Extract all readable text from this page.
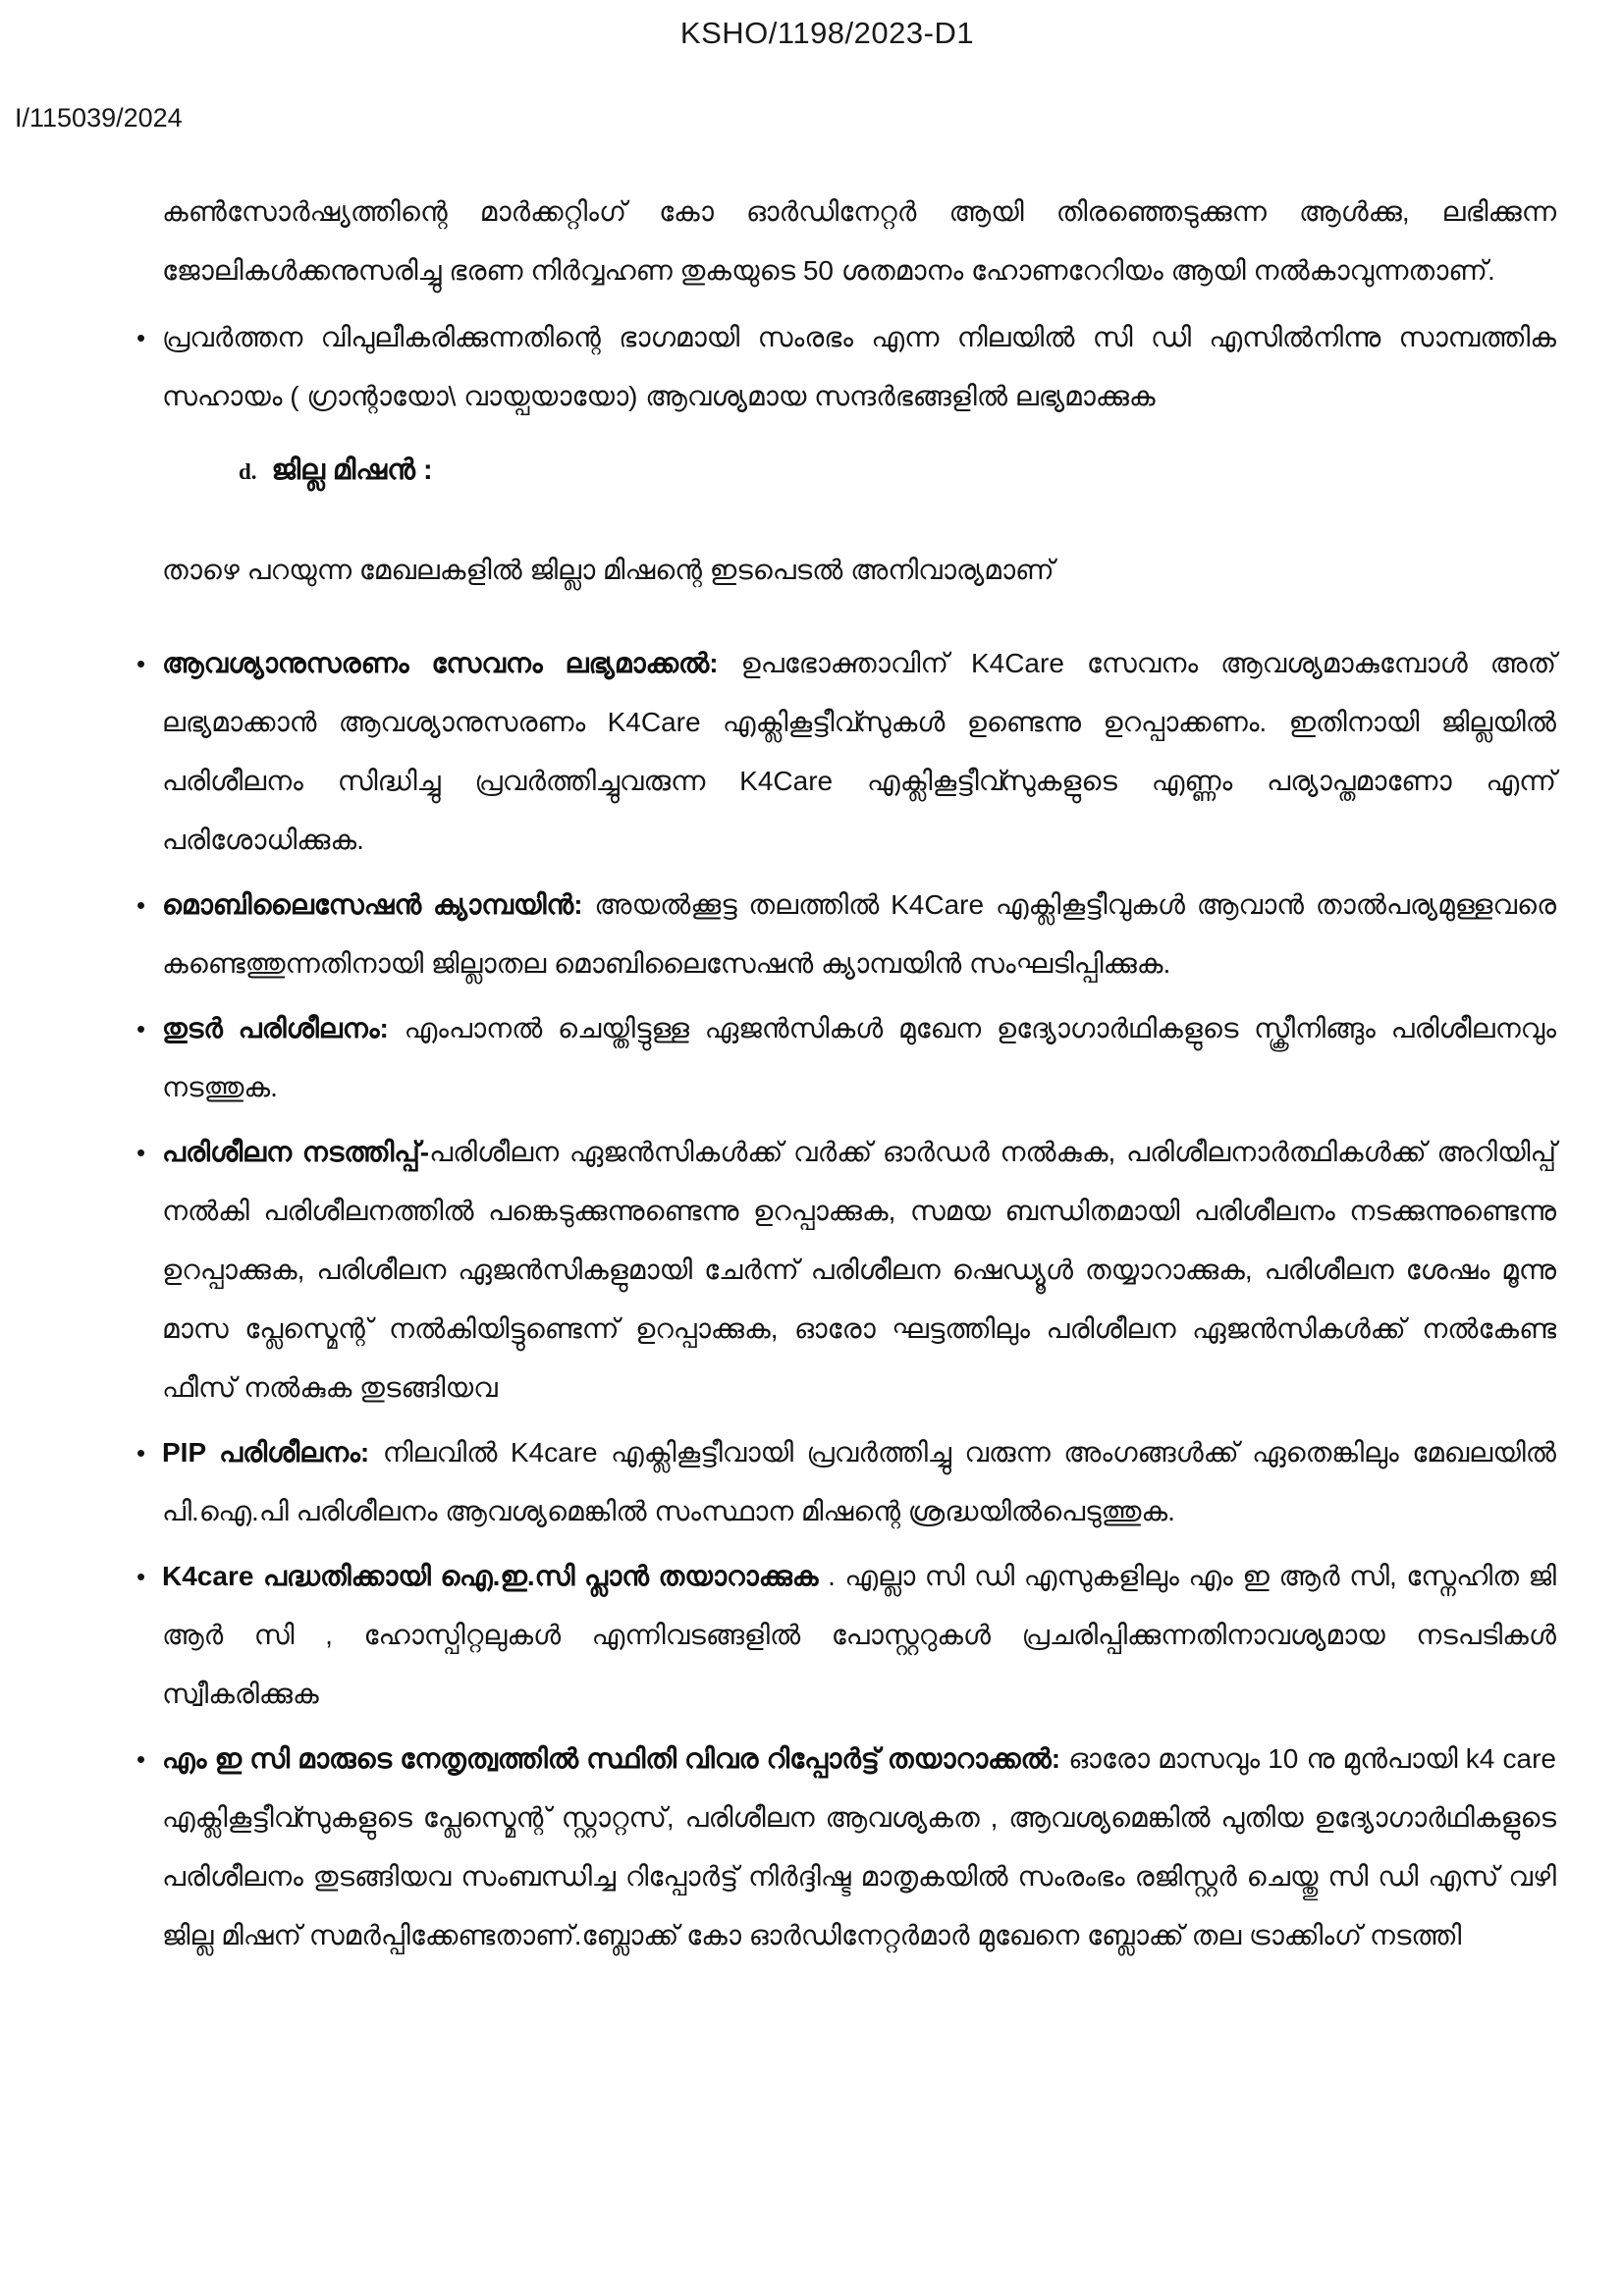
KSHO/1198/2023-D1
I/115039/2024

കൺസോർഷ്യത്തിന്റെ മാർക്കറ്റിംഗ് കോ ഓർഡിനേറ്റർ ആയി തിരഞ്ഞെടുക്കുന്ന ആൾക്കു, ലഭിക്കുന്ന ജോലികൾക്കനുസരിച്ചു ഭരണ നിർവ്വഹണ തുകയുടെ 50 ശതമാനം ഹോണറേറിയം ആയി നൽകാവുന്നതാണ്.

• പ്രവർത്തന വിപുലീകരിക്കുന്നതിന്റെ ഭാഗമായി സംരഭം എന്ന നിലയിൽ സി ഡി എസിൽനിന്നു സാമ്പത്തിക സഹായം ( ഗ്രാന്റായോ\ വായ്പയായോ) ആവശ്യമായ സന്ദർഭങ്ങളിൽ ലഭ്യമാക്കുക
d. ജില്ല മിഷൻ :

താഴെ പറയുന്ന മേഖലകളിൽ ജില്ലാ മിഷന്റെ ഇടപെടൽ അനിവാര്യമാണ്

• ആവശ്യാനുസരണം സേവനം ലഭ്യമാക്കൽ: ഉപഭോക്താവിന് K4Care സേവനം ആവശ്യമാകുമ്പോൾ അത് ലഭ്യമാക്കാൻ ആവശ്യാനുസരണം K4Care എക്ലികൂട്ടീവ്സുകൾ ഉണ്ടെന്നു ഉറപ്പാക്കണം. ഇതിനായി ജില്ലയിൽ പരിശീലനം സിദ്ധിച്ചു പ്രവർത്തിച്ചുവരുന്ന K4Care എക്ലികൂട്ടീവ്സുകളുടെ എണ്ണം പര്യാപ്തമാണോ എന്ന് പരിശോധിക്കുക.
• മൊബിലൈസേഷൻ ക്യാമ്പയിൻ: അയൽക്കൂട്ട തലത്തിൽ K4Care എക്ലികൂട്ടീവുകൾ ആവാൻ താൽപര്യമുള്ളവരെ കണ്ടെത്തുന്നതിനായി ജില്ലാതല മൊബിലൈസേഷൻ ക്യാമ്പയിൻ സംഘടിപ്പിക്കുക.
• തുടർ പരിശീലനം: എംപാനൽ ചെയ്തിട്ടുള്ള ഏജൻസികൾ മുഖേന ഉദ്യോഗാർഥികളുടെ സ്ക്രീനിങ്ങും പരിശീലനവും നടത്തുക.
• പരിശീലന നടത്തിപ്പ്-പരിശീലന ഏജൻസികൾക്ക് വർക്ക് ഓർഡർ നൽകുക, പരിശീലനാർത്ഥികൾക്ക് അറിയിപ്പ് നൽകി പരിശീലനത്തിൽ പങ്കെടുക്കുന്നുണ്ടെന്നു ഉറപ്പാക്കുക, സമയ ബന്ധിതമായി പരിശീലനം നടക്കുന്നുണ്ടെന്നു ഉറപ്പാക്കുക, പരിശീലന ഏജൻസികളുമായി ചേർന്ന് പരിശീലന ഷെഡ്യൂൾ തയ്യാറാക്കുക, പരിശീലന ശേഷം മൂന്നു മാസ പ്ലേസ്മെന്റ് നൽകിയിട്ടുണ്ടെന്ന് ഉറപ്പാക്കുക, ഓരോ ഘട്ടത്തിലും പരിശീലന ഏജൻസികൾക്ക് നൽകേണ്ട ഫീസ് നൽകുക തുടങ്ങിയവ
• PIP പരിശീലനം: നിലവിൽ K4care എക്ലികൂട്ടീവായി പ്രവർത്തിച്ചു വരുന്ന അംഗങ്ങൾക്ക് ഏതെങ്കിലും മേഖലയിൽ പി.ഐ.പി പരിശീലനം ആവശ്യമെങ്കിൽ സംസ്ഥാന മിഷന്റെ ശ്രദ്ധയിൽപെടുത്തുക.
• K4care പദ്ധതിക്കായി ഐ.ഇ.സി പ്ലാൻ തയാറാക്കുക . എല്ലാ സി ഡി എസുകളിലും എം ഇ ആർ സി, സ്നേഹിത ജി ആർ സി , ഹോസ്പിറ്റലുകൾ എന്നിവടങ്ങളിൽ പോസ്റ്ററുകൾ പ്രചരിപ്പിക്കുന്നതിനാവശ്യമായ നടപടികൾ സ്വീകരിക്കുക
• എം ഇ സി മാരുടെ നേതൃത്വത്തിൽ സ്ഥിതി വിവര റിപ്പോർട്ട് തയാറാക്കൽ: ഓരോ മാസവും 10 നു മുൻപായി k4 care എക്ലികൂട്ടീവ്സുകളുടെ പ്ലേസ്മെന്റ് സ്റ്റാറ്റസ്, പരിശീലന ആവശ്യകത , ആവശ്യമെങ്കിൽ പുതിയ ഉദ്യോഗാർഥികളുടെ പരിശീലനം തുടങ്ങിയവ സംബന്ധിച്ച റിപ്പോർട്ട് നിർദ്ദിഷ്ട മാതൃകയിൽ സംരംഭം രജിസ്റ്റർ ചെയ്തു സി ഡി എസ് വഴി ജില്ല മിഷന് സമർപ്പിക്കേണ്ടതാണ്.ബ്ലോക്ക് കോ ഓർഡിനേറ്റർമാർ മുഖേനെ ബ്ലോക്ക് തല ട്രാക്കിംഗ് നടത്തി
